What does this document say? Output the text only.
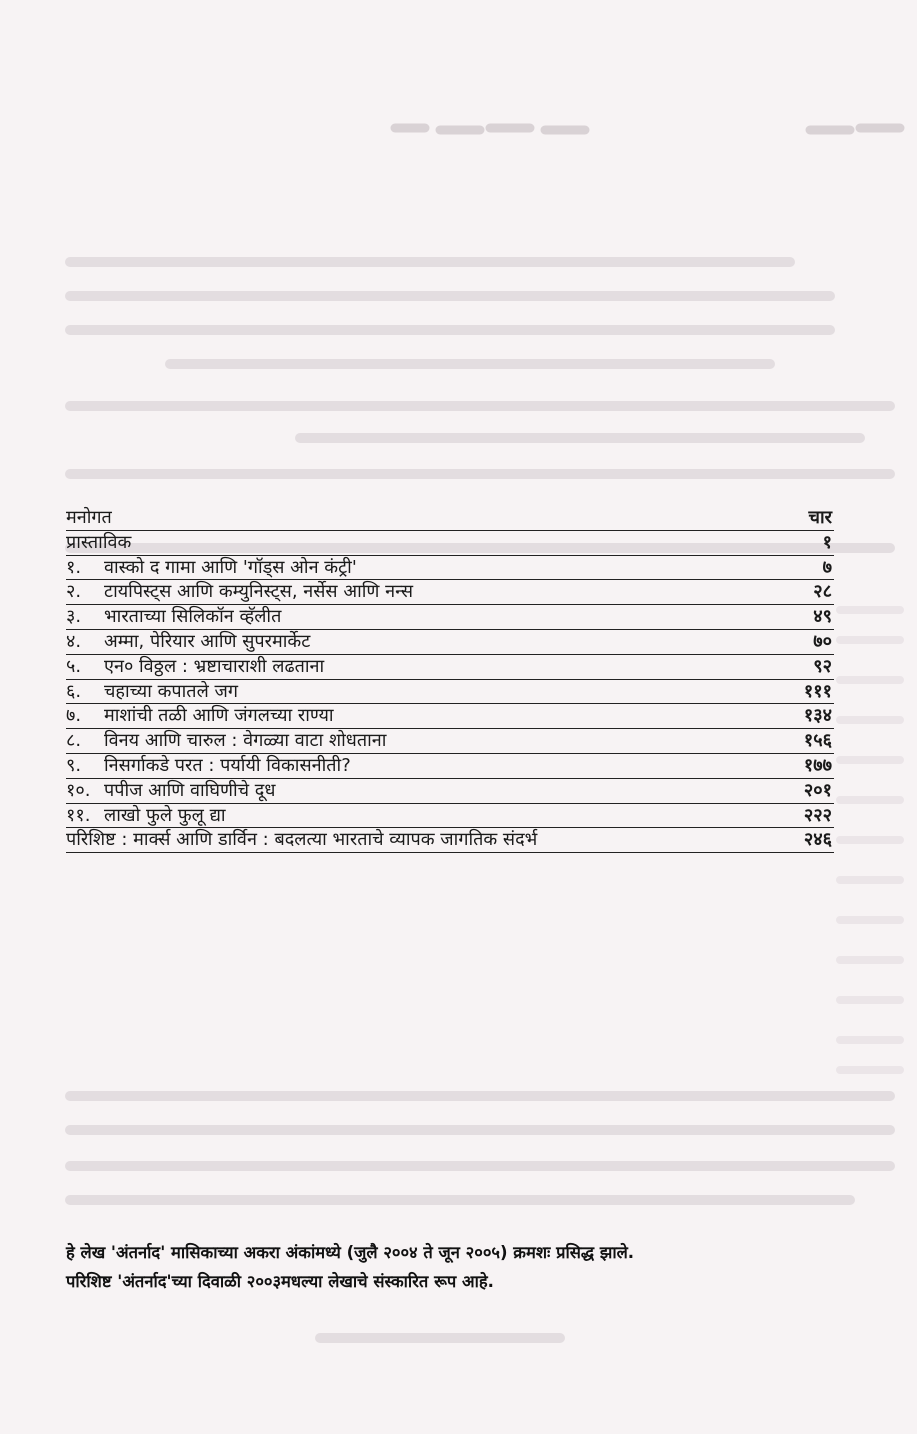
मनोगत	चार
प्रास्ताविक	१
१. वास्को द गामा आणि 'गॉड्स ओन कंट्री'	७
२. टायपिस्ट्स आणि कम्युनिस्ट्स, नर्सेस आणि नन्स	२८
३. भारताच्या सिलिकॉन व्हॅलीत	४९
४. अम्मा, पेरियार आणि सुपरमार्केट	७०
५. एन० विठ्ठल : भ्रष्टाचाराशी लढताना	९२
६. चहाच्या कपातले जग	१११
७. माशांची तळी आणि जंगलच्या राण्या	१३४
८. विनय आणि चारुल : वेगळ्या वाटा शोधताना	१५६
९. निसर्गाकडे परत : पर्यायी विकासनीती?	१७७
१०. पपीज आणि वाघिणीचे दूध	२०१
११. लाखो फुले फुलू द्या	२२२
परिशिष्ट : मार्क्स आणि डार्विन : बदलत्या भारताचे व्यापक जागतिक संदर्भ	२४६

हे लेख 'अंतर्नाद' मासिकाच्या अकरा अंकांमध्ये (जुलै २००४ ते जून २००५) क्रमशः प्रसिद्ध झाले.

परिशिष्ट 'अंतर्नाद'च्या दिवाळी २००३मधल्या लेखाचे संस्कारित रूप आहे.
